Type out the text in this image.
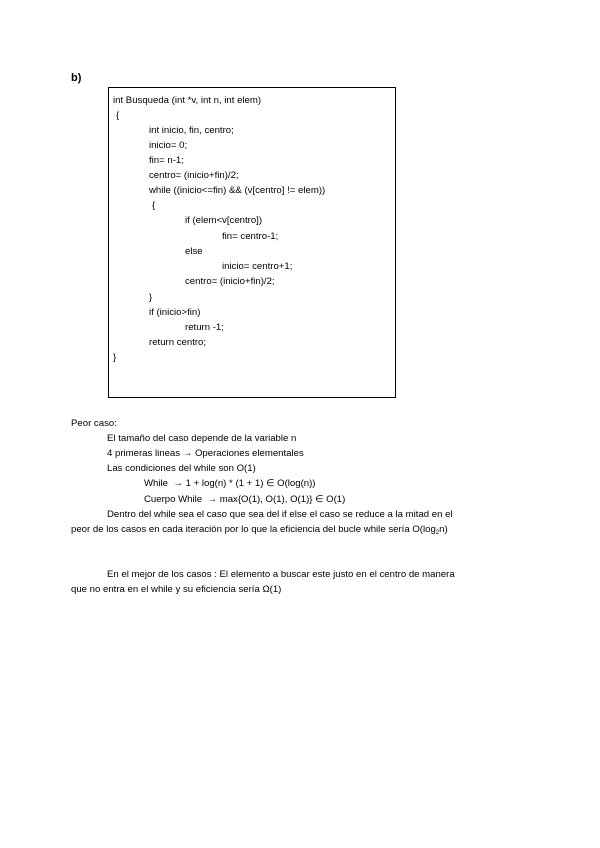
b)
int Busqueda (int *v, int n, int elem)
{
int inicio, fin, centro;
inicio= 0;
fin= n-1;
centro= (inicio+fin)/2;
while ((inicio<=fin) && (v[centro] != elem))
{
if (elem<v[centro])
fin= centro-1;
else
inicio= centro+1;
centro= (inicio+fin)/2;
}
if (inicio>fin)
return -1;
return centro;
}
Peor caso:
El tamaño del caso depende de la variable n
4 primeras lineas → Operaciones elementales
Las condiciones del while son O(1)
While  → 1 + log(n) * (1 + 1) ∈ O(log(n))
Cuerpo While  → max{O(1), O(1), O(1)} ∈ O(1)
Dentro del while sea el caso que sea del if else el caso se reduce a la mitad en el
peor de los casos en cada iteración por lo que la eficiencia del bucle while sería $O(\log_2n)$
En el mejor de los casos : El elemento a buscar este justo en el centro de manera
que no entra en el while y su eficiencia sería Ω(1)
